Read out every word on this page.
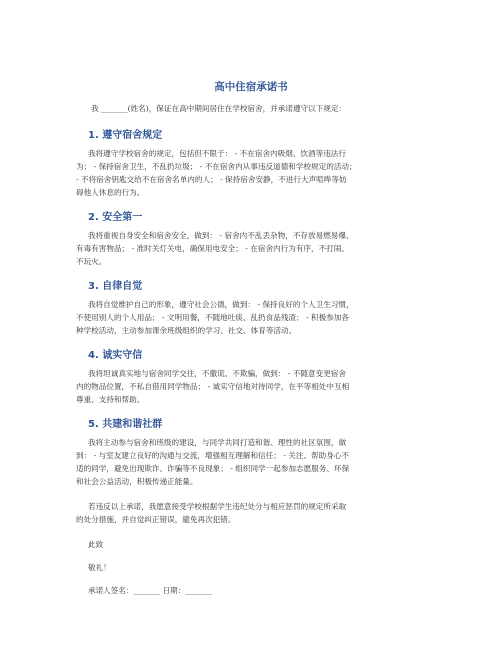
高中住宿承诺书
我 _______(姓名)，保证在高中期间居住在学校宿舍，并承诺遵守以下规定：
1. 遵守宿舍规定
我将遵守学校宿舍的规定，包括但不限于： - 不在宿舍内吸烟、饮酒等违法行
为； - 保持宿舍卫生，不乱扔垃圾； - 不在宿舍内从事违反道德和学校规定的活动；
- 不将宿舍钥匙交给不在宿舍名单内的人； - 保持宿舍安静，不进行大声喧哗等妨
碍他人休息的行为。
2. 安全第一
我将重视自身安全和宿舍安全，做到： - 宿舍内不乱丢杂物，不存放易燃易爆、
有毒有害物品； - 准时关灯关电，确保用电安全； - 在宿舍内行为有序，不打闹、
不玩火。
3. 自律自觉
我将自觉维护自己的形象，遵守社会公德，做到： - 保持良好的个人卫生习惯，
不使用别人的个人用品； - 文明用餐，不随地吐痰、乱扔食品残渣； - 积极参加各
种学校活动，主动参加课余班级组织的学习、社交、体育等活动。
4. 诚实守信
我将坦诚真实地与宿舍同学交往，不撒谎、不欺骗，做到： - 不随意变更宿舍
内的物品位置，不私自借用同学物品； - 诚实守信地对待同学，在平等相处中互相
尊重、支持和帮助。
5. 共建和谐社群
我将主动参与宿舍和班级的建设，与同学共同打造和谐、理性的社区氛围，做
到： - 与室友建立良好的沟通与交流，增强相互理解和信任； - 关注、帮助身心不
适的同学，避免出现欺诈、诈骗等不良现象； - 组织同学一起参加志愿服务、环保
和社会公益活动，积极传递正能量。
若违反以上承诺，我愿意接受学校根据学生违纪处分与相应惩罚的规定所采取
的处分措施，并自觉纠正错误，避免再次犯错。
此致
敬礼！
承诺人签名：_______ 日期：_______
